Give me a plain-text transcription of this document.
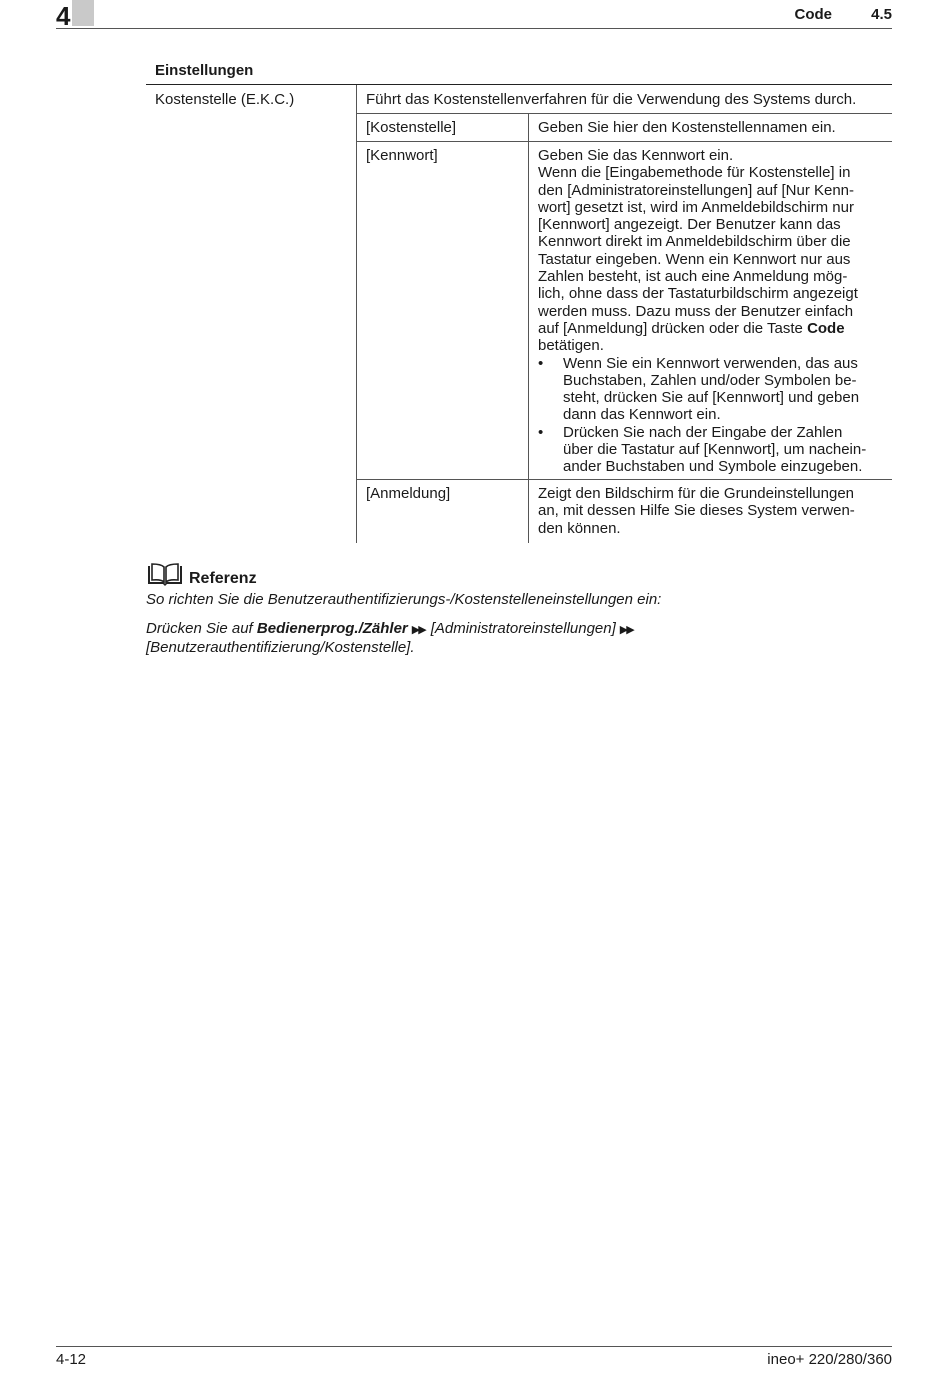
4	Code	4.5
Einstellungen
Kostenstelle (E.K.C.)	Führt das Kostenstellenverfahren für die Verwendung des Systems durch.
[Kostenstelle]	Geben Sie hier den Kostenstellennamen ein.
[Kennwort]	Geben Sie das Kennwort ein.
Wenn die [Eingabemethode für Kostenstelle] in
den [Administratoreinstellungen] auf [Nur Kenn-
wort] gesetzt ist, wird im Anmeldebildschirm nur
[Kennwort] angezeigt. Der Benutzer kann das
Kennwort direkt im Anmeldebildschirm über die
Tastatur eingeben. Wenn ein Kennwort nur aus
Zahlen besteht, ist auch eine Anmeldung mög-
lich, ohne dass der Tastaturbildschirm angezeigt
werden muss. Dazu muss der Benutzer einfach
auf [Anmeldung] drücken oder die Taste Code
betätigen.
• Wenn Sie ein Kennwort verwenden, das aus
Buchstaben, Zahlen und/oder Symbolen be-
steht, drücken Sie auf [Kennwort] und geben
dann das Kennwort ein.
• Drücken Sie nach der Eingabe der Zahlen
über die Tastatur auf [Kennwort], um nachein-
ander Buchstaben und Symbole einzugeben.
[Anmeldung]	Zeigt den Bildschirm für die Grundeinstellungen
an, mit dessen Hilfe Sie dieses System verwen-
den können.
Referenz
So richten Sie die Benutzerauthentifizierungs-/Kostenstelleneinstellungen ein:
Drücken Sie auf Bedienerprog./Zähler ▶▶ [Administratoreinstellungen] ▶▶
[Benutzerauthentifizierung/Kostenstelle].
4-12	ineo+ 220/280/360
